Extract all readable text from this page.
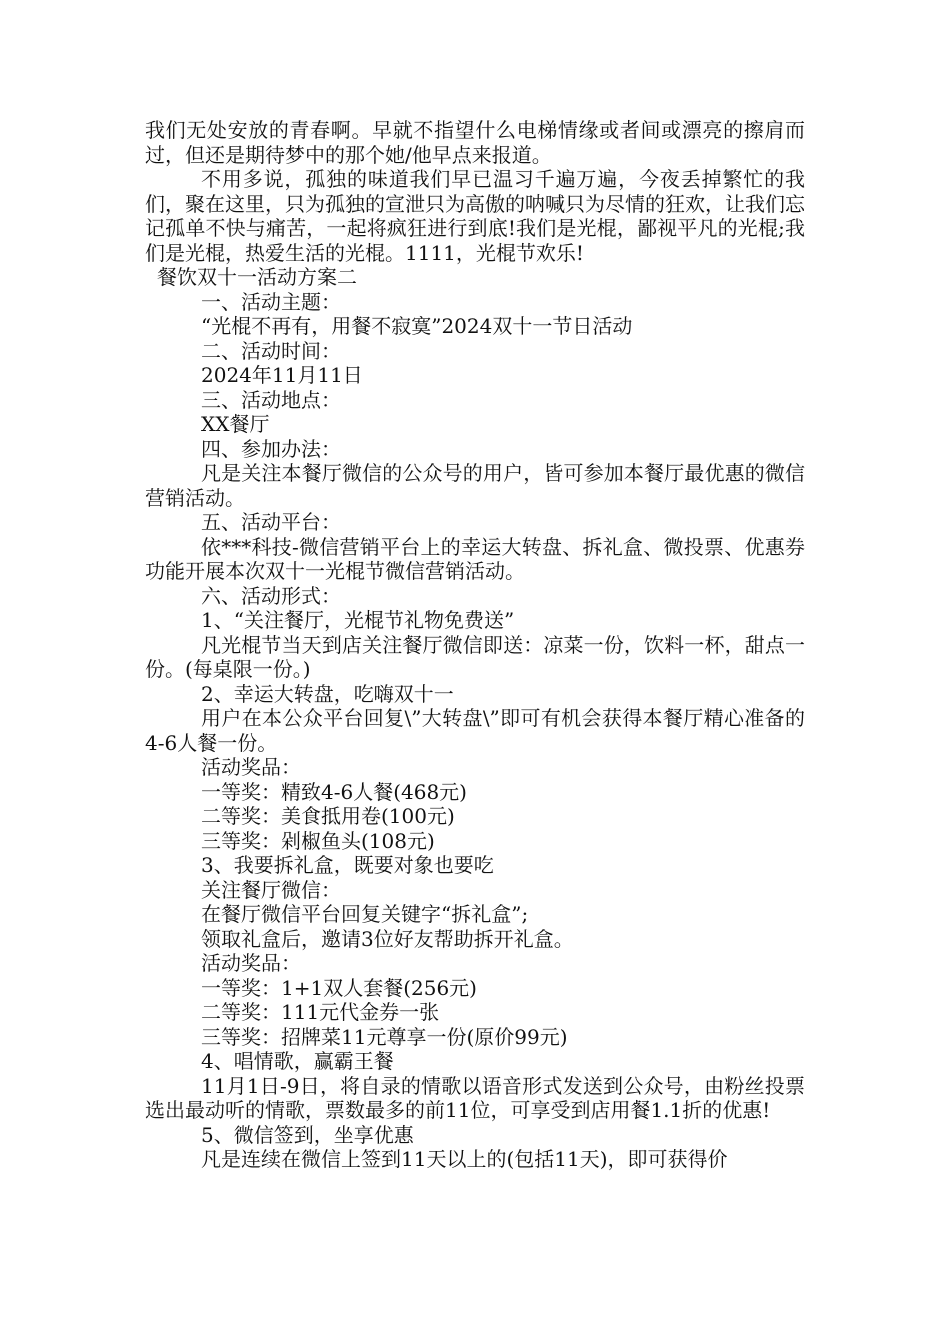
我们无处安放的青春啊。早就不指望什么电梯情缘或者间或漂亮的擦肩而过，但还是期待梦中的那个她/他早点来报道。

不用多说，孤独的味道我们早已温习千遍万遍，今夜丢掉繁忙的我们，聚在这里，只为孤独的宣泄只为高傲的呐喊只为尽情的狂欢，让我们忘记孤单不快与痛苦，一起将疯狂进行到底!我们是光棍，鄙视平凡的光棍;我们是光棍，热爱生活的光棍。1111，光棍节欢乐!

餐饮双十一活动方案二

一、活动主题：

“光棍不再有，用餐不寂寞”2024双十一节日活动

二、活动时间：

2024年11月11日

三、活动地点：

XX餐厅

四、参加办法：

凡是关注本餐厅微信的公众号的用户，皆可参加本餐厅最优惠的微信营销活动。

五、活动平台：

依***科技-微信营销平台上的幸运大转盘、拆礼盒、微投票、优惠券功能开展本次双十一光棍节微信营销活动。

六、活动形式：

1、“关注餐厅，光棍节礼物免费送”

凡光棍节当天到店关注餐厅微信即送：凉菜一份，饮料一杯，甜点一份。(每桌限一份。)

2、幸运大转盘，吃嗨双十一

用户在本公众平台回复\”大转盘\”即可有机会获得本餐厅精心准备的4-6人餐一份。

活动奖品：

一等奖：精致4-6人餐(468元)

二等奖：美食抵用卷(100元)

三等奖：剁椒鱼头(108元)

3、我要拆礼盒，既要对象也要吃

关注餐厅微信：

在餐厅微信平台回复关键字“拆礼盒”;

领取礼盒后，邀请3位好友帮助拆开礼盒。

活动奖品：

一等奖：1+1双人套餐(256元)

二等奖：111元代金券一张

三等奖：招牌菜11元尊享一份(原价99元)

4、唱情歌，赢霸王餐

11月1日-9日，将自录的情歌以语音形式发送到公众号，由粉丝投票选出最动听的情歌，票数最多的前11位，可享受到店用餐1.1折的优惠!

5、微信签到，坐享优惠

凡是连续在微信上签到11天以上的(包括11天)，即可获得价
